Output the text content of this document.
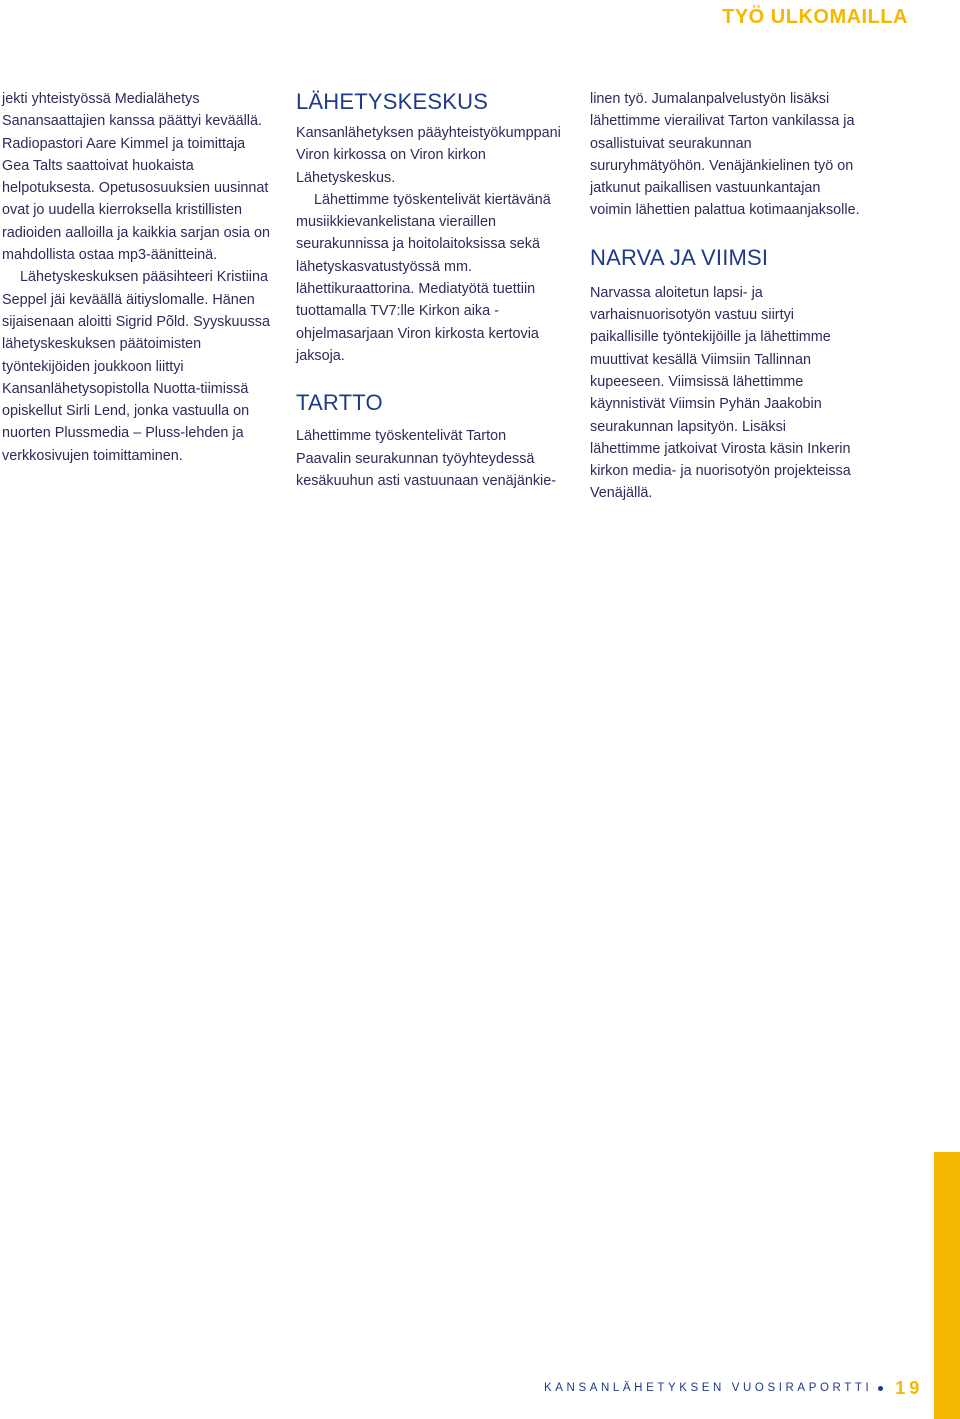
TYÖ ULKOMAILLA

jekti yhteistyössä Medialähetys Sanansaattajien kanssa päättyi keväällä. Radiopastori Aare Kimmel ja toimittaja Gea Talts saattoivat huokaista helpotuksesta. Opetusosuuksien uusinnat ovat jo uudella kierroksella kristillisten radioiden aalloilla ja kaikkia sarjan osia on mahdollista ostaa mp3-äänitteinä.

Lähetyskeskuksen pääsihteeri Kristiina Seppel jäi keväällä äitiyslomalle. Hänen sijaisenaan aloitti Sigrid Põld. Syyskuussa lähetyskeskuksen päätoimisten työntekijöiden joukkoon liittyi Kansanlähetysopistolla Nuotta-tiimissä opiskellut Sirli Lend, jonka vastuulla on nuorten Plussmedia – Pluss-lehden ja verkkosivujen toimittaminen.

LÄHETYSKESKUS

Kansanlähetyksen pääyhteistyökumppani Viron kirkossa on Viron kirkon Lähetyskeskus.

Lähettimme työskentelivät kiertävänä musiikkievankelistana vieraillen seurakunnissa ja hoitolaitoksissa sekä lähetyskasvatustyössä mm. lähettikuraattorina. Mediatyötä tuettiin tuottamalla TV7:lle Kirkon aika -ohjelmasarjaan Viron kirkosta kertovia jaksoja.

TARTTO

Lähettimme työskentelivät Tarton Paavalin seurakunnan työyhteydessä kesäkuuhun asti vastuunaan venäjänkie-

linen työ. Jumalanpalvelustyön lisäksi lähettimme vierailivat Tarton vankilassa ja osallistuivat seurakunnan sururyhmätyöhön. Venäjänkielinen työ on jatkunut paikallisen vastuunkantajan voimin lähettien palattua kotimaanjaksolle.

NARVA JA VIIMSI

Narvassa aloitetun lapsi- ja varhaisnuorisotyön vastuu siirtyi paikallisille työntekijöille ja lähettimme muuttivat kesällä Viimsiin Tallinnan kupeeseen. Viimsissä lähettimme käynnistivät Viimsin Pyhän Jaakobin seurakunnan lapsityön. Lisäksi lähettimme jatkoivat Virosta käsin Inkerin kirkon media- ja nuorisotyön projekteissa Venäjällä.

KANSANLÄHETYKSEN VUOSIRAPORTTI 19
